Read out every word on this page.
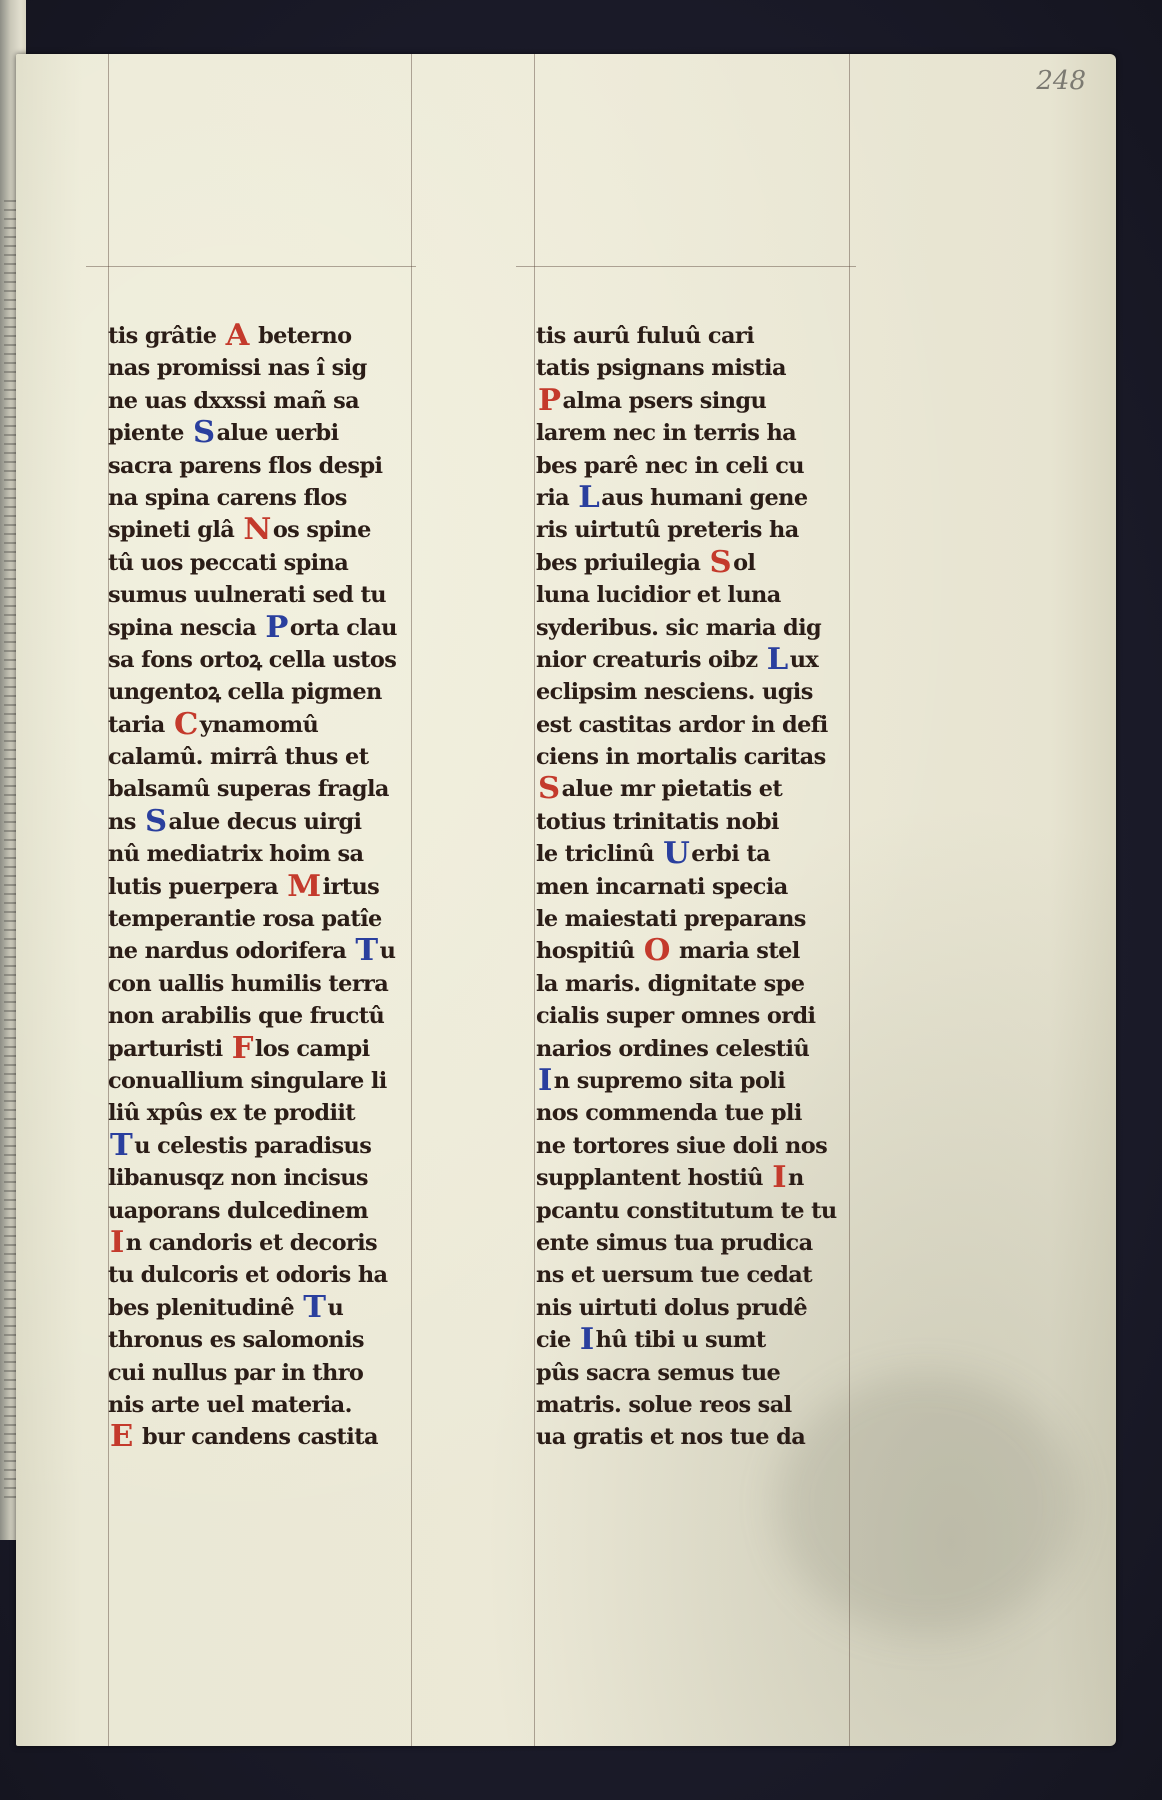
248
tis grâtie A beterno
nas promissi nas î sig
ne uas dxxssi mañ sa
piente Salue uerbi
sacra parens flos despi
na spina carens flos
spineti glâ Nos spine
tû uos peccati spina
sumus uulnerati sed tu
spina nescia Porta clau
sa fons ortoꝝ cella ustos
ungentoꝝ cella pigmen
taria Cynamomû
calamû. mirrâ thus et
balsamû superas fragla
ns Salue decus uirgi
nû mediatrix hoim sa
lutis puerpera Mirtus
temperantie rosa patîe
ne nardus odorifera Tu
con uallis humilis terra
non arabilis que fructû
parturisti Flos campi
conuallium singulare li
liû xpûs ex te prodiit
Tu celestis paradisus
libanusqz non incisus
uaporans dulcedinem
In candoris et decoris
tu dulcoris et odoris ha
bes plenitudinê Tu
thronus es salomonis
cui nullus par in thro
nis arte uel materia.
E bur candens castita
tis aurû fuluû cari
tatis psignans mistia
Palma psers singu
larem nec in terris ha
bes parê nec in celi cu
ria Laus humani gene
ris uirtutû preteris ha
bes priuilegia Sol
luna lucidior et luna
syderibus. sic maria dig
nior creaturis oibz Lux
eclipsim nesciens. ugis
est castitas ardor in defi
ciens in mortalis caritas
Salue mr pietatis et
totius trinitatis nobi
le triclinû Uerbi ta
men incarnati specia
le maiestati preparans
hospitiû O maria stel
la maris. dignitate spe
cialis super omnes ordi
narios ordines celestiû
In supremo sita poli
nos commenda tue pli
ne tortores siue doli nos
supplantent hostiû In
pcantu constitutum te tu
ente simus tua prudica
ns et uersum tue cedat
nis uirtuti dolus prudê
cie Ihû tibi u sumt
pûs sacra semus tue
matris. solue reos sal
ua gratis et nos tue da
